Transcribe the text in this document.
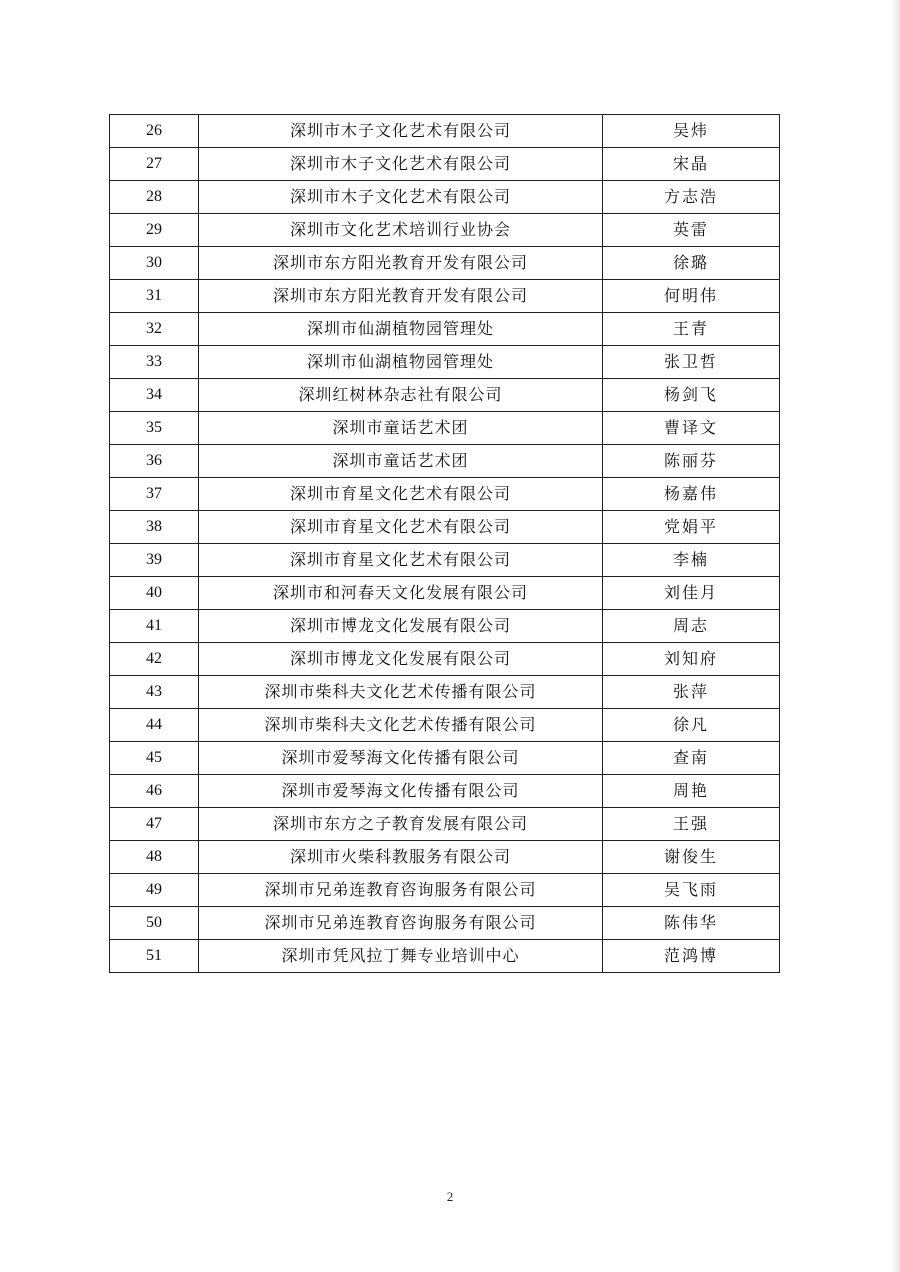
26	深圳市木子文化艺术有限公司	吴炜
27	深圳市木子文化艺术有限公司	宋晶
28	深圳市木子文化艺术有限公司	方志浩
29	深圳市文化艺术培训行业协会	英雷
30	深圳市东方阳光教育开发有限公司	徐璐
31	深圳市东方阳光教育开发有限公司	何明伟
32	深圳市仙湖植物园管理处	王青
33	深圳市仙湖植物园管理处	张卫哲
34	深圳红树林杂志社有限公司	杨剑飞
35	深圳市童话艺术团	曹译文
36	深圳市童话艺术团	陈丽芬
37	深圳市育星文化艺术有限公司	杨嘉伟
38	深圳市育星文化艺术有限公司	党娟平
39	深圳市育星文化艺术有限公司	李楠
40	深圳市和河春天文化发展有限公司	刘佳月
41	深圳市博龙文化发展有限公司	周志
42	深圳市博龙文化发展有限公司	刘知府
43	深圳市柴科夫文化艺术传播有限公司	张萍
44	深圳市柴科夫文化艺术传播有限公司	徐凡
45	深圳市爱琴海文化传播有限公司	查南
46	深圳市爱琴海文化传播有限公司	周艳
47	深圳市东方之子教育发展有限公司	王强
48	深圳市火柴科教服务有限公司	谢俊生
49	深圳市兄弟连教育咨询服务有限公司	吴飞雨
50	深圳市兄弟连教育咨询服务有限公司	陈伟华
51	深圳市凭风拉丁舞专业培训中心	范鸿博
2
